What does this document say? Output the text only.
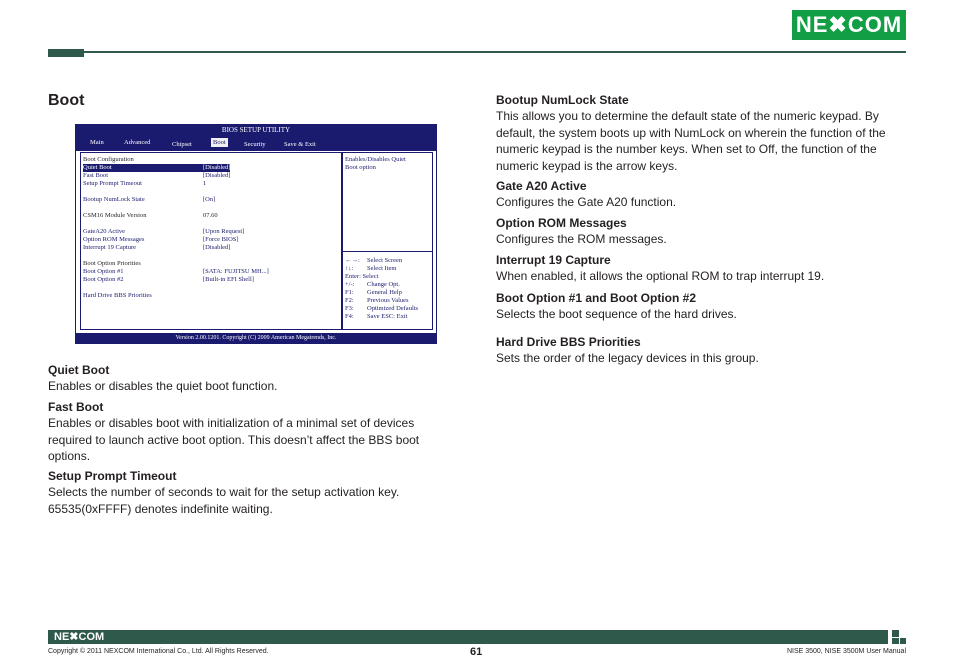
NE✖COM
Boot
BIOS SETUP UTILITY
Main	Advanced	Chipset	Boot	Security	Save & Exit
Boot Configuration
Quiet Boot	[Disabled]
Fast Boot	[Disabled]
Setup Prompt Timeout	1
Bootup NumLock State	[On]
CSM16 Module Version	07.60
GateA20 Active	[Upon Request]
Option ROM Messages	[Force BIOS]
Interrupt 19 Capture	[Disabled]
Boot Option Priorities
Boot Option #1	[SATA: FUJITSU MH...]
Boot Option #2	[Built-in EFI Shell]
Hard Drive BBS Priorities
Enables/Disables Quiet
Boot option
←→: Select Screen
↑↓: Select Item
Enter: Select
+/-: Change Opt.
F1: General Help
F2: Previous Values
F3: Optimized Defaults
F4: Save ESC: Exit
Version 2.00.1201. Copyright (C) 2009 American Megatrends, Inc.
Quiet Boot

Enables or disables the quiet boot function.

Fast Boot

Enables or disables boot with initialization of a minimal set of devices required to launch active boot option. This doesn’t affect the BBS boot options.

Setup Prompt Timeout

Selects the number of seconds to wait for the setup activation key. 65535(0xFFFF) denotes indefinite waiting.

Bootup NumLock State

This allows you to determine the default state of the numeric keypad. By default, the system boots up with NumLock on wherein the function of the numeric keypad is the number keys. When set to Off, the function of the numeric keypad is the arrow keys.

Gate A20 Active

Configures the Gate A20 function.

Option ROM Messages

Configures the ROM messages.

Interrupt 19 Capture

When enabled, it allows the optional ROM to trap interrupt 19.

Boot Option #1 and Boot Option #2

Selects the boot sequence of the hard drives.

Hard Drive BBS Priorities

Sets the order of the legacy devices in this group.

NE✖COM
Copyright © 2011 NEXCOM International Co., Ltd. All Rights Reserved.	61	NISE 3500, NISE 3500M User Manual
